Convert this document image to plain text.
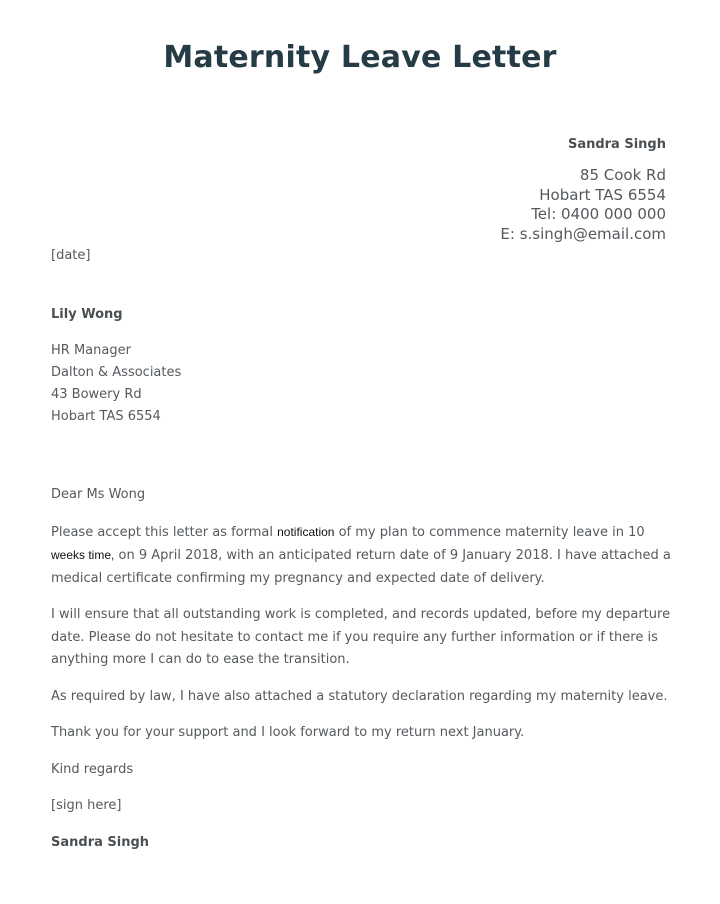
Maternity Leave Letter
Sandra Singh
85 Cook Rd
Hobart TAS 6554
Tel: 0400 000 000
E: s.singh@email.com
[date]
Lily Wong
HR Manager
Dalton & Associates
43 Bowery Rd
Hobart TAS 6554

Dear Ms Wong

Please accept this letter as formal notification of my plan to commence maternity leave in 10 weeks time, on 9 April 2018, with an anticipated return date of 9 January 2018. I have attached a medical certificate confirming my pregnancy and expected date of delivery.

I will ensure that all outstanding work is completed, and records updated, before my departure date. Please do not hesitate to contact me if you require any further information or if there is anything more I can do to ease the transition.

As required by law, I have also attached a statutory declaration regarding my maternity leave.

Thank you for your support and I look forward to my return next January.

Kind regards

[sign here]

Sandra Singh
